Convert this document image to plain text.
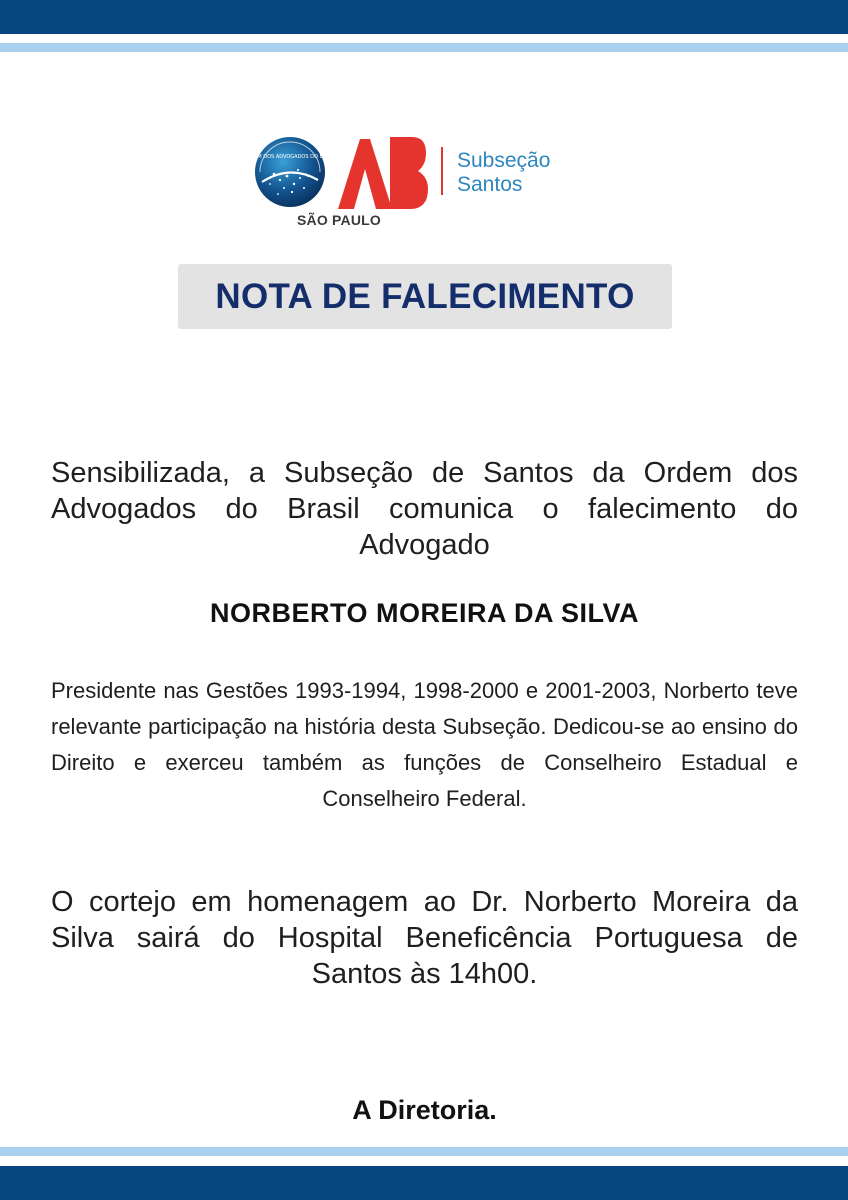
ORDEM DOS ADVOGADOS DO BRASIL
SÃO PAULO
Subseção
Santos
NOTA DE FALECIMENTO
Sensibilizada, a Subseção de Santos da Ordem dos Advogados do Brasil comunica o falecimento do Advogado
NORBERTO MOREIRA DA SILVA
Presidente nas Gestões 1993-1994, 1998-2000 e 2001-2003, Norberto teve relevante participação na história desta Subseção. Dedicou-se ao ensino do Direito e exerceu também as funções de Conselheiro Estadual e Conselheiro Federal.
O cortejo em homenagem ao Dr. Norberto Moreira da Silva sairá do Hospital Beneficência Portuguesa de Santos às 14h00.
A Diretoria.
